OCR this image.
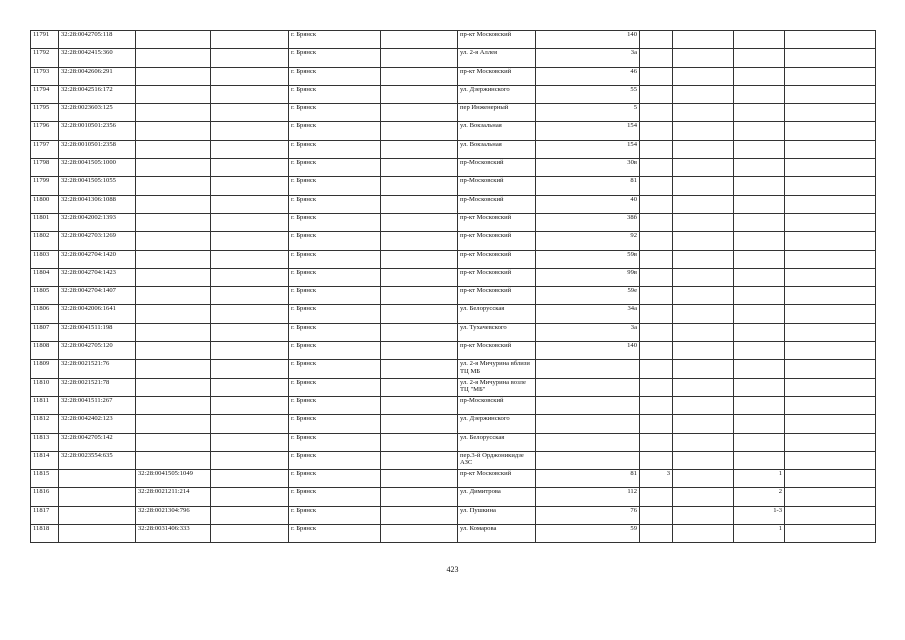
11791	32:28:0042705:118			г. Брянск		пр-кт Московский	140				
11792	32:28:0042415:360			г. Брянск		ул. 2-я Аллея	3а				
11793	32:28:0042606:291			г. Брянск		пр-кт Московский	46				
11794	32:28:0042516:172			г. Брянск		ул. Дзержинского	55				
11795	32:28:0023603:125			г. Брянск		пер Инженерный	5				
11796	32:28:0010501:2356			г. Брянск		ул. Вокзальная	154				
11797	32:28:0010501:2358			г. Брянск		ул. Вокзальная	154				
11798	32:28:0041505:1000			г. Брянск		пр-Московский	30в				
11799	32:28:0041505:1055			г. Брянск		пр-Московский	81				
11800	32:28:0041306:1088			г. Брянск		пр-Московский	40				
11801	32:28:0042002:1393			г. Брянск		пр-кт Московский	38б				
11802	32:28:0042703:1269			г. Брянск		пр-кт Московский	92				
11803	32:28:0042704:1420			г. Брянск		пр-кт Московский	59в				
11804	32:28:0042704:1423			г. Брянск		пр-кт Московский	99в				
11805	32:28:0042704:1407			г. Брянск		пр-кт Московский	59е				
11806	32:28:0042006:1641			г. Брянск		ул. Белорусская	34а				
11807	32:28:0041511:198			г. Брянск		ул. Тухачевского	3а				
11808	32:28:0042705:120			г. Брянск		пр-кт Московский	140				
11809	32:28:0021521:76			г. Брянск		ул. 2-я Мичурина вблизи ТЦ МБ					
11810	32:28:0021521:78			г. Брянск		ул. 2-я Мичурина возле ТЦ "МБ"					
11811	32:28:0041511:267			г. Брянск		пр-Московский					
11812	32:28:0042402:123			г. Брянск		ул. Дзержинского					
11813	32:28:0042705:142			г. Брянск		ул. Белорусская					
11814	32:28:0023554:635			г. Брянск		пер.3-й Орджоникидзе АЗС					
11815		32:28:0041505:1049		г. Брянск		пр-кт Московский	81	3		1	
11816		32:28:0021211:214		г. Брянск		ул. Димитрова	112			2	
11817		32:28:0021304:796		г. Брянск		ул. Пушкина	76			1-3	
11818		32:28:0031406:333		г. Брянск		ул. Комарова	59			1	
423
